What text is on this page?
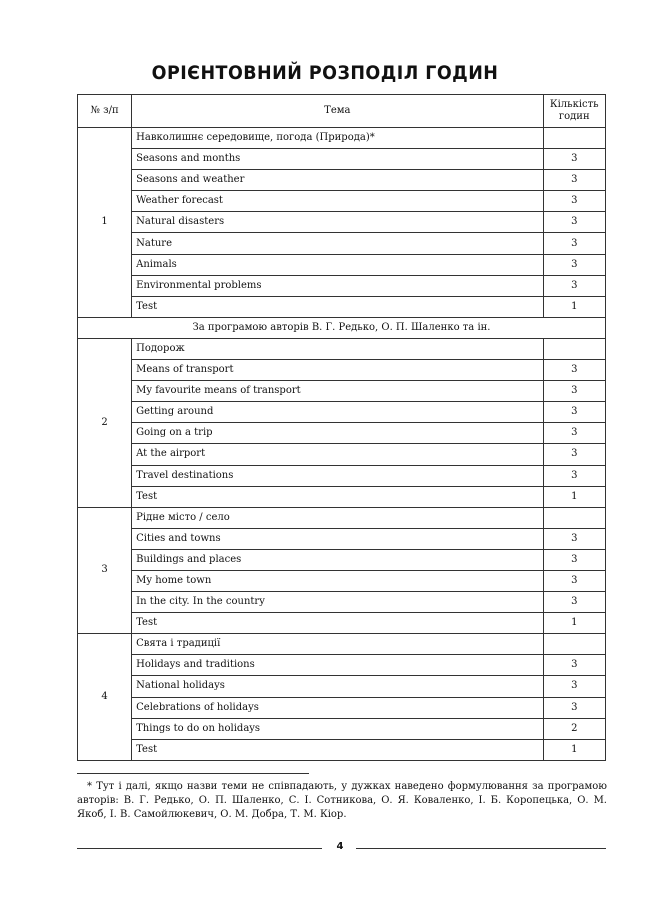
ОРІЄНТОВНИЙ РОЗПОДІЛ ГОДИН
№ з/п	Тема	Кількість годин
1	Навколишнє середовище, погода (Природа)*	
	Seasons and months	3
	Seasons and weather	3
	Weather forecast	3
	Natural disasters	3
	Nature	3
	Animals	3
	Environmental problems	3
	Test	1
За програмою авторів В. Г. Редько, О. П. Шаленко та ін.		
2	Подорож	
	Means of transport	3
	My favourite means of transport	3
	Getting around	3
	Going on a trip	3
	At the airport	3
	Travel destinations	3
	Test	1
3	Рідне місто / село	
	Cities and towns	3
	Buildings and places	3
	My home town	3
	In the city. In the country	3
	Test	1
4	Свята і традиції	
	Holidays and traditions	3
	National holidays	3
	Celebrations of holidays	3
	Things to do on holidays	2
	Test	1
* Тут і далі, якщо назви теми не співпадають, у дужках наведено формулювання за програмою авторів: В. Г. Редько, О. П. Шаленко, С. І. Сотникова, О. Я. Коваленко, І. Б. Коропецька, О. М. Якоб, І. В. Самойлюкевич, О. М. Добра, Т. М. Кіор.
4
